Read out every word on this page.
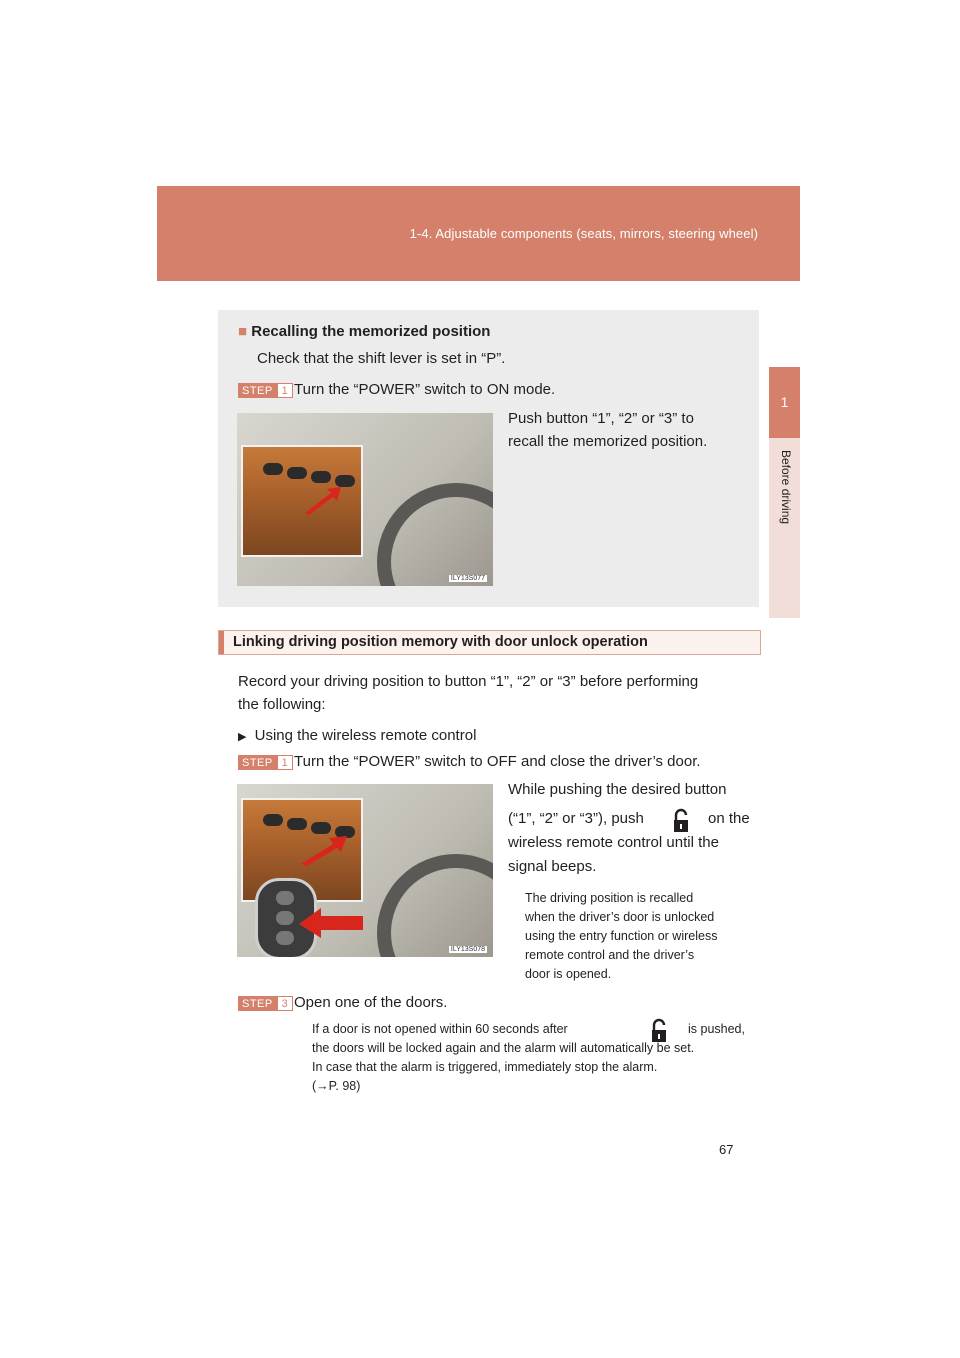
1-4. Adjustable components (seats, mirrors, steering wheel)
1
Before driving
■ Recalling the memorized position
Check that the shift lever is set in “P”.
STEP 1 Turn the “POWER” switch to ON mode.
ILY13S077
Push button “1”, “2” or “3” to
recall the memorized position.
Linking driving position memory with door unlock operation
Record your driving position to button “1”, “2” or “3” before performing
the following:
▶ Using the wireless remote control
STEP 1 Turn the “POWER” switch to OFF and close the driver’s door.
ILY13S078
While pushing the desired button
(“1”, “2” or “3”), push	on the
wireless remote control until the
signal beeps.
The driving position is recalled
when the driver’s door is unlocked
using the entry function or wireless
remote control and the driver’s
door is opened.
STEP 3 Open one of the doors.
If a door is not opened within 60 seconds after	is pushed,
the doors will be locked again and the alarm will automatically be set.
In case that the alarm is triggered, immediately stop the alarm.
(→P. 98)
67
